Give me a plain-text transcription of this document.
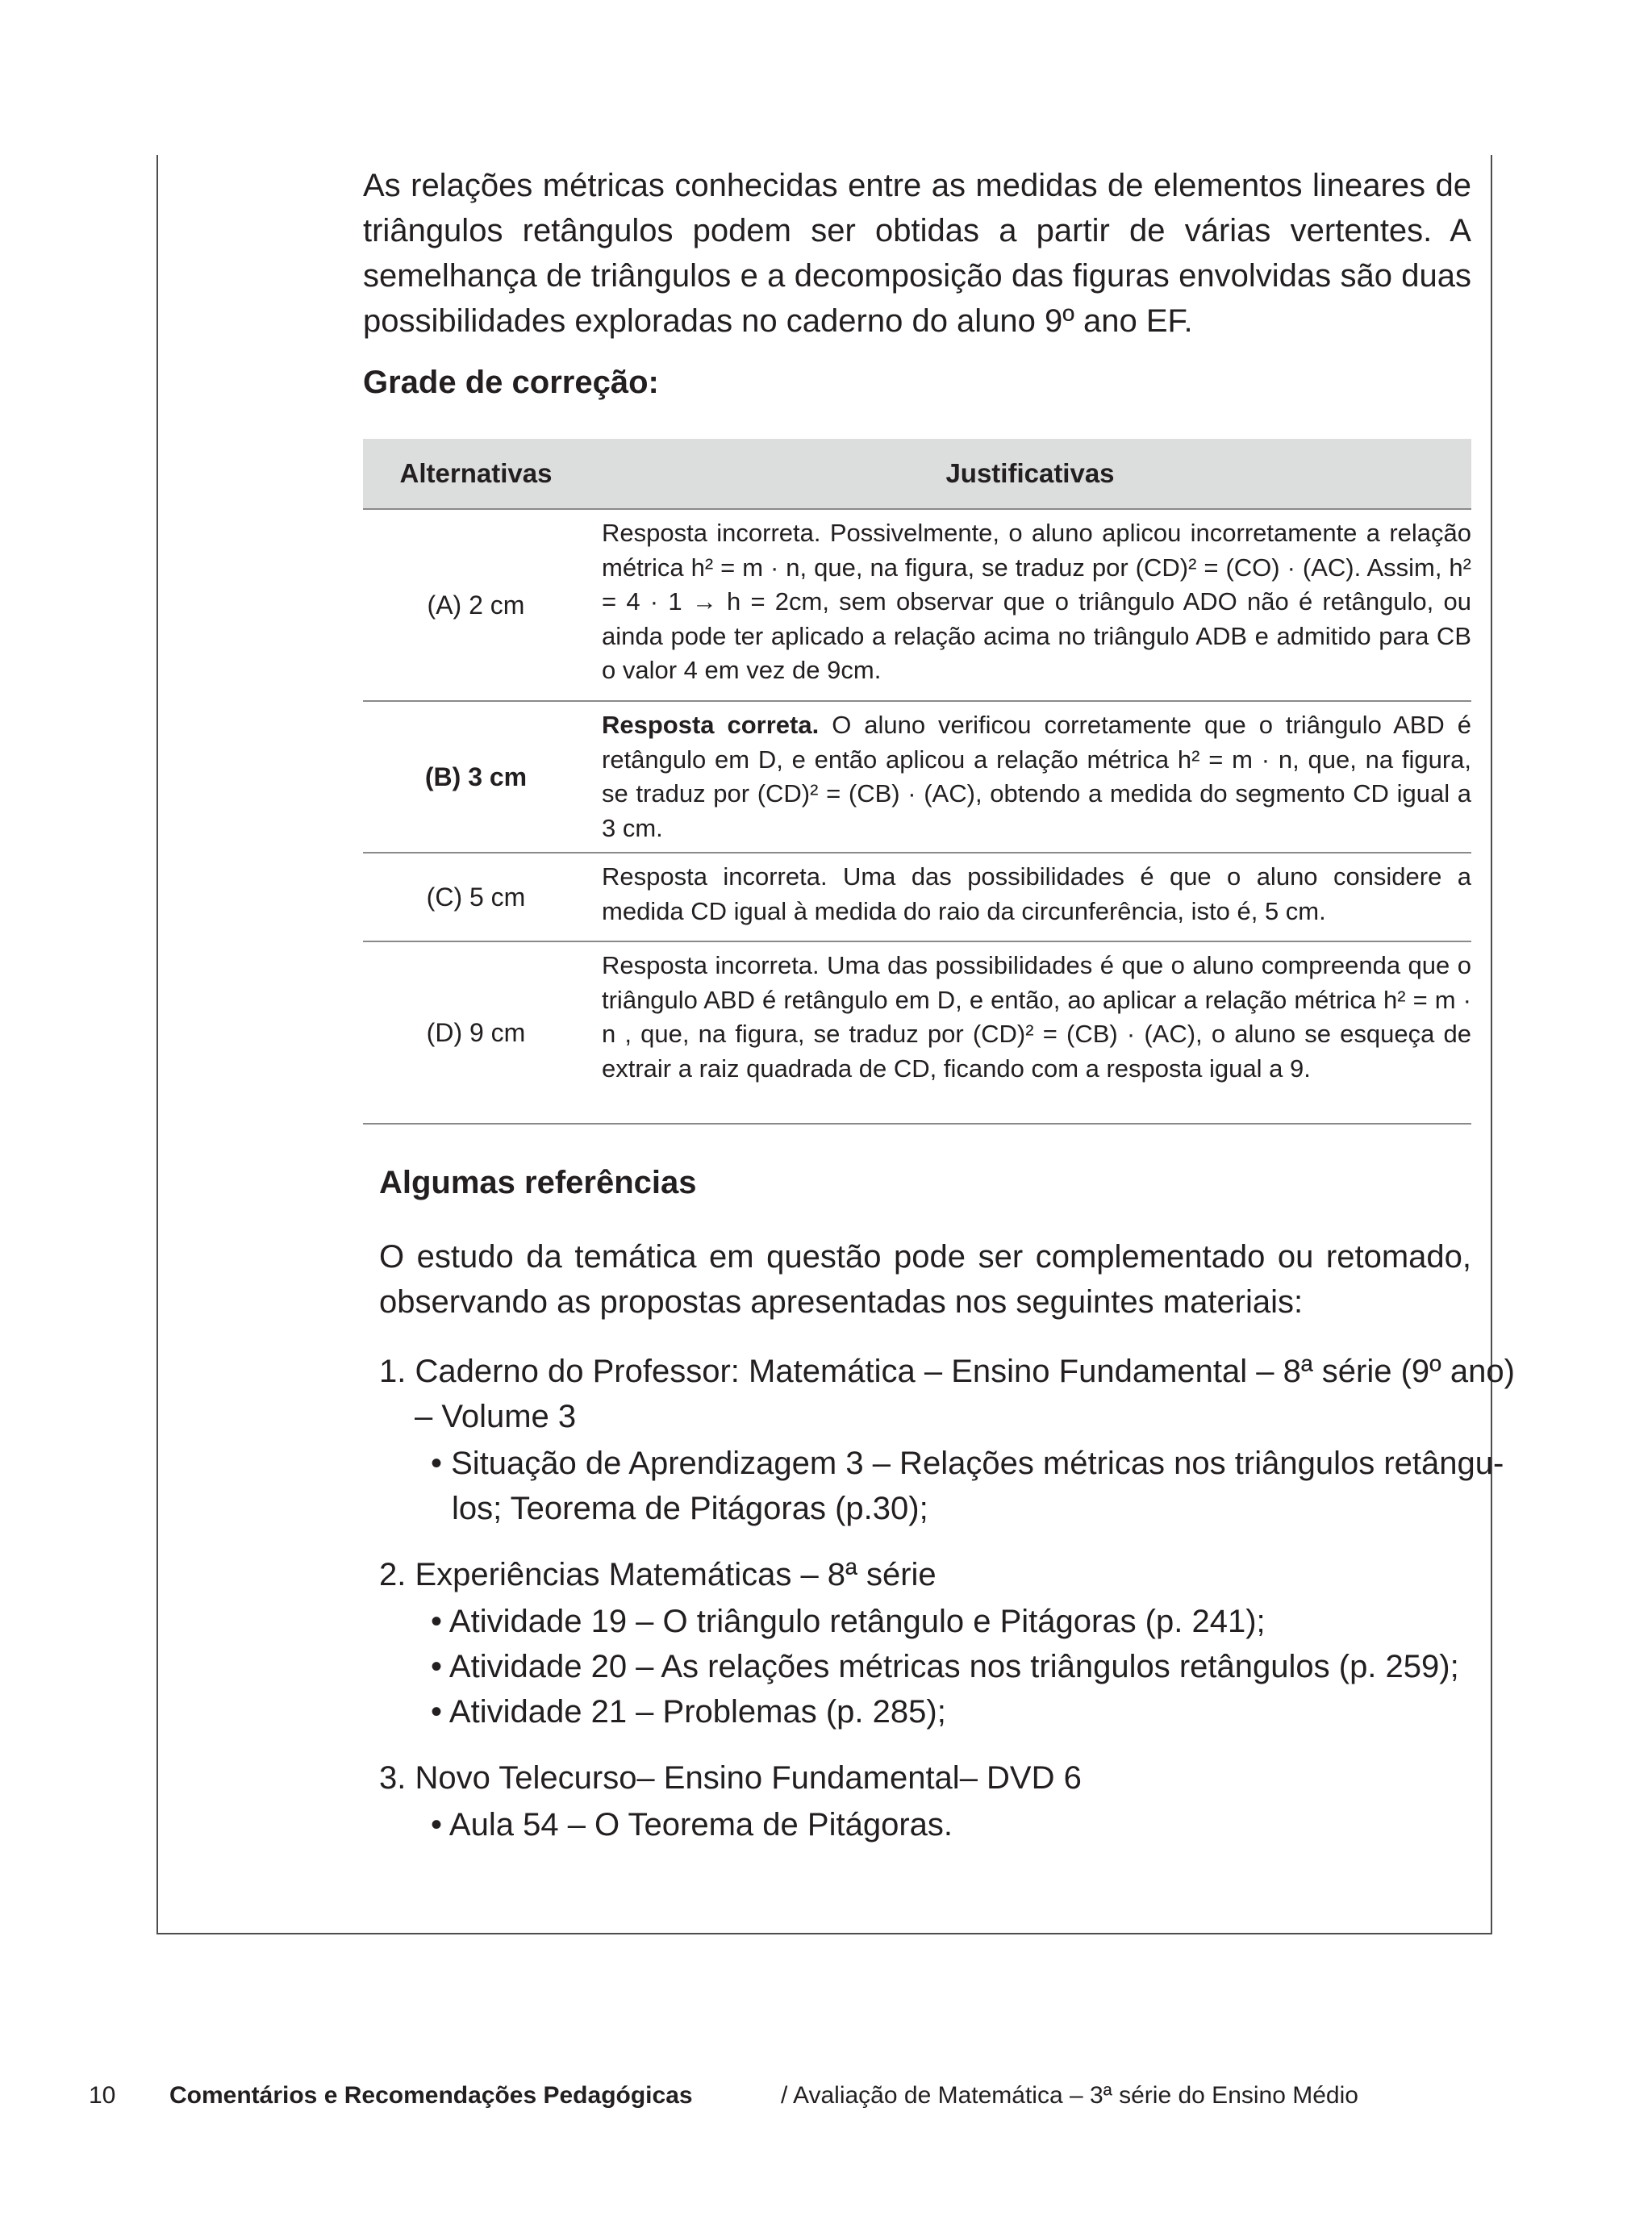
As relações métricas conhecidas entre as medidas de elementos lineares de triângulos retângulos podem ser obtidas a partir de várias vertentes. A semelhança de triângulos e a decomposição das figuras envolvidas são duas possibilidades exploradas no caderno do aluno 9º ano EF.

Grade de correção:
Alternativas	Justificativas
(A) 2 cm
Resposta incorreta. Possivelmente, o aluno aplicou incorretamente a relação métrica h² = m · n, que, na figura, se traduz por (CD)² = (CO) · (AC). Assim, h² = 4 · 1 → h = 2cm, sem observar que o triângulo ADO não é retângulo, ou ainda pode ter aplicado a relação acima no triângulo ADB e admitido para CB o valor 4 em vez de 9cm.
(B) 3 cm
Resposta correta. O aluno verificou corretamente que o triângulo ABD é retângulo em D, e então aplicou a relação métrica h² = m · n, que, na figura, se traduz por (CD)² = (CB) · (AC), obtendo a medida do segmento CD igual a 3 cm.
(C) 5 cm
Resposta incorreta. Uma das possibilidades é que o aluno considere a medida CD igual à medida do raio da circunferência, isto é, 5 cm.
(D) 9 cm
Resposta incorreta. Uma das possibilidades é que o aluno compreenda que o triângulo ABD é retângulo em D, e então, ao aplicar a relação métrica h² = m · n , que, na figura, se traduz por (CD)² = (CB) · (AC), o aluno se esqueça de extrair a raiz quadrada de CD, ficando com a resposta igual a 9.
Algumas referências

O estudo da temática em questão pode ser complementado ou retomado, observando as propostas apresentadas nos seguintes materiais:

1. Caderno do Professor: Matemática – Ensino Fundamental – 8ª série (9º ano)
– Volume 3
• Situação de Aprendizagem 3 – Relações métricas nos triângulos retângu-
los; Teorema de Pitágoras (p.30);
2. Experiências Matemáticas – 8ª série
• Atividade 19 – O triângulo retângulo e Pitágoras (p. 241);
• Atividade 20 – As relações métricas nos triângulos retângulos (p. 259);
• Atividade 21 – Problemas (p. 285);
3. Novo Telecurso– Ensino Fundamental– DVD 6
• Aula 54 – O Teorema de Pitágoras.
10 Comentários e Recomendações Pedagógicas	/ Avaliação de Matemática – 3ª série do Ensino Médio
